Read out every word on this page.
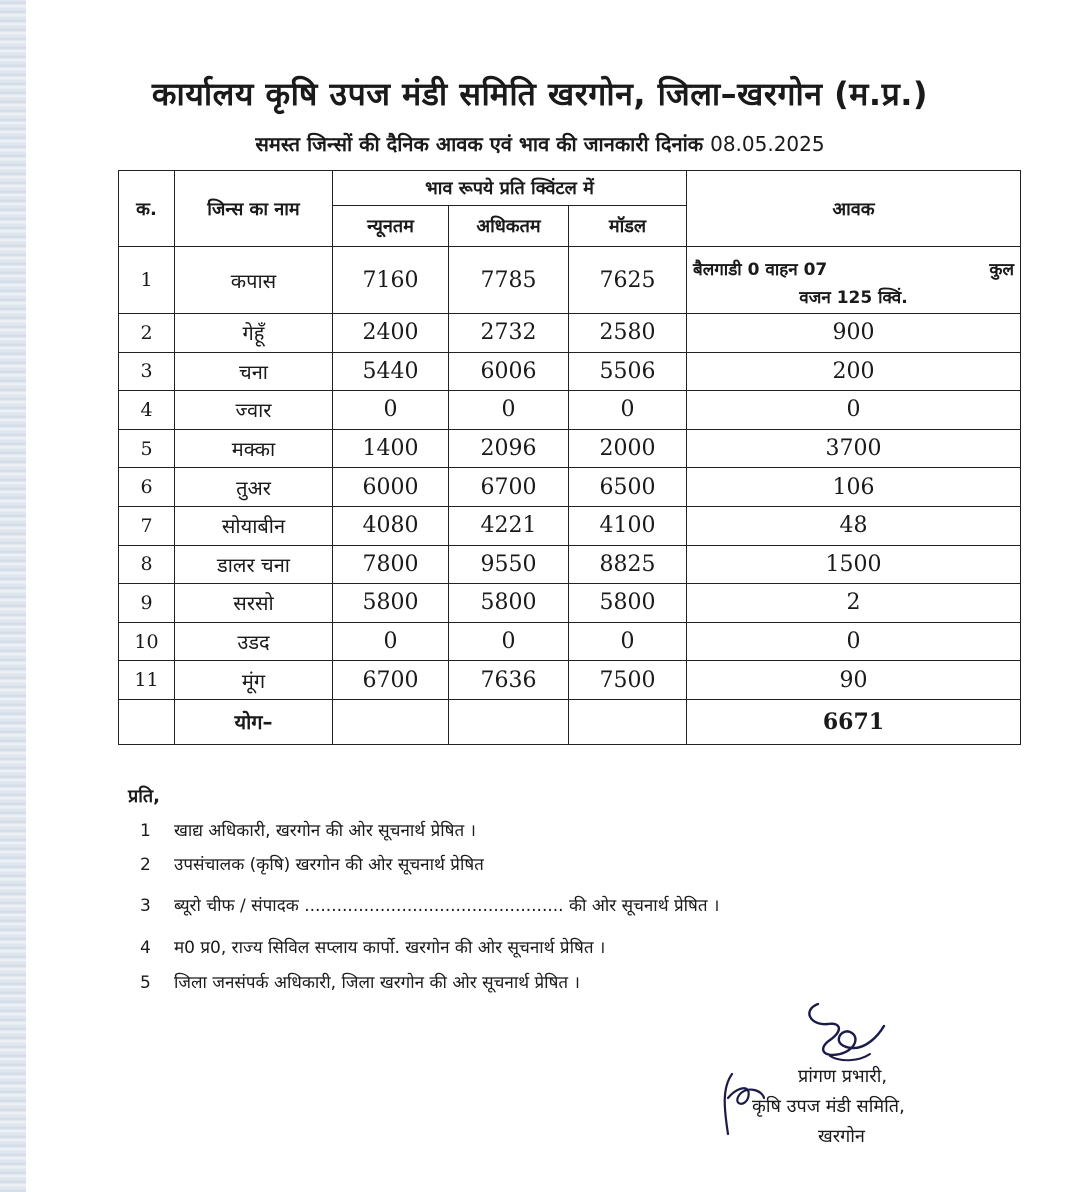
कार्यालय कृषि उपज मंडी समिति खरगोन, जिला–खरगोन (म.प्र.)
समस्त जिन्सों की दैनिक आवक एवं भाव की जानकारी दिनांक 08.05.2025
क.	जिन्स का नाम	भाव रूपये प्रति क्विंटल में			आवक
		न्यूनतम	अधिकतम	मॉडल	
1	कपास	7160	7785	7625	बैलगाडी 0 वाहन 07 कुल
वजन 125 क्विं.

2	गेहूँ	2400	2732	2580	900
3	चना	5440	6006	5506	200
4	ज्वार	0	0	0	0
5	मक्का	1400	2096	2000	3700
6	तुअर	6000	6700	6500	106
7	सोयाबीन	4080	4221	4100	48
8	डालर चना	7800	9550	8825	1500
9	सरसो	5800	5800	5800	2
10	उडद	0	0	0	0
11	मूंग	6700	7636	7500	90
	योग–				6671
प्रति,
1 खाद्य अधिकारी, खरगोन की ओर सूचनार्थ प्रेषित ।
2 उपसंचालक (कृषि) खरगोन की ओर सूचनार्थ प्रेषित
3 ब्यूरो चीफ / संपादक ................................................ की ओर सूचनार्थ प्रेषित ।
4 म0 प्र0, राज्य सिविल सप्लाय कार्पो. खरगोन की ओर सूचनार्थ प्रेषित ।
5 जिला जनसंपर्क अधिकारी, जिला खरगोन की ओर सूचनार्थ प्रेषित ।
प्रांगण प्रभारी,
कृषि उपज मंडी समिति,
खरगोन
